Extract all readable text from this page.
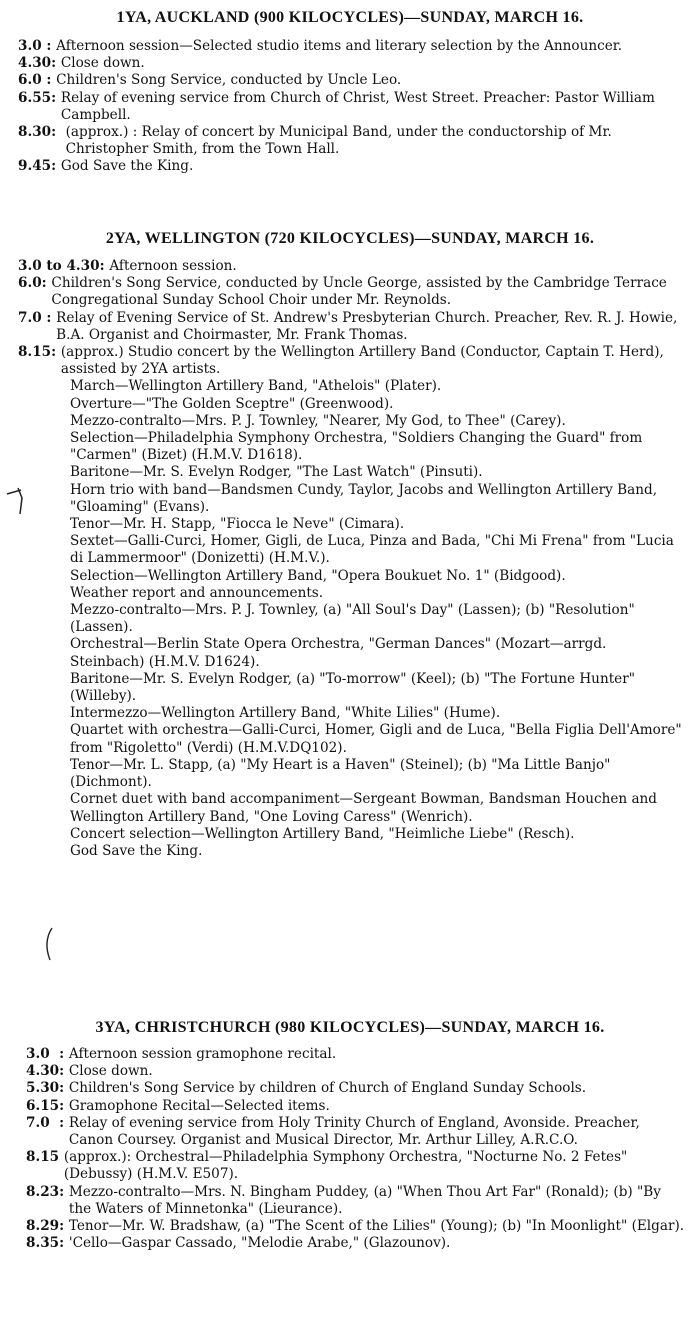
1YA, AUCKLAND (900 KILOCYCLES)—SUNDAY, MARCH 16.
3.0 : Afternoon session—Selected studio items and literary selection by the Announcer.
4.30 : Close down.
6.0 : Children's Song Service, conducted by Uncle Leo.
6.55 : Relay of evening service from Church of Christ, West Street. Preacher: Pastor William Campbell.
8.30 : (approx.) : Relay of concert by Municipal Band, under the conductorship of Mr. Christopher Smith, from the Town Hall.
9.45 : God Save the King.
2YA, WELLINGTON (720 KILOCYCLES)—SUNDAY, MARCH 16.
3.0 to 4.30 : Afternoon session.
6.0 : Children's Song Service, conducted by Uncle George, assisted by the Cambridge Terrace Congregational Sunday School Choir under Mr. Reynolds.
7.0 : Relay of Evening Service of St. Andrew's Presbyterian Church. Preacher, Rev. R. J. Howie, B.A. Organist and Choirmaster, Mr. Frank Thomas.
8.15 : (approx.) Studio concert by the Wellington Artillery Band (Conductor, Captain T. Herd), assisted by 2YA artists.
March—Wellington Artillery Band, "Athelois" (Plater).
Overture—"The Golden Sceptre" (Greenwood).
Mezzo-contralto—Mrs. P. J. Townley, "Nearer, My God, to Thee" (Carey).
Selection—Philadelphia Symphony Orchestra, "Soldiers Changing the Guard" from "Carmen" (Bizet) (H.M.V. D1618).
Baritone—Mr. S. Evelyn Rodger, "The Last Watch" (Pinsuti).
Horn trio with band—Bandsmen Cundy, Taylor, Jacobs and Wellington Artillery Band, "Gloaming" (Evans).
Tenor—Mr. H. Stapp, "Fiocca le Neve" (Cimara).
Sextet—Galli-Curci, Homer, Gigli, de Luca, Pinza and Bada, "Chi Mi Frena" from "Lucia di Lammermoor" (Donizetti) (H.M.V.).
Selection—Wellington Artillery Band, "Opera Boukuet No. 1" (Bidgood).
Weather report and announcements.
Mezzo-contralto—Mrs. P. J. Townley, (a) "All Soul's Day" (Lassen); (b) "Resolution" (Lassen).
Orchestral—Berlin State Opera Orchestra, "German Dances" (Mozart—arrgd. Steinbach) (H.M.V. D1624).
Baritone—Mr. S. Evelyn Rodger, (a) "To-morrow" (Keel); (b) "The Fortune Hunter" (Willeby).
Intermezzo—Wellington Artillery Band, "White Lilies" (Hume).
Quartet with orchestra—Galli-Curci, Homer, Gigli and de Luca, "Bella Figlia Dell'Amore" from "Rigoletto" (Verdi) (H.M.V.DQ102).
Tenor—Mr. L. Stapp, (a) "My Heart is a Haven" (Steinel); (b) "Ma Little Banjo" (Dichmont).
Cornet duet with band accompaniment—Sergeant Bowman, Bandsman Houchen and Wellington Artillery Band, "One Loving Caress" (Wenrich).
Concert selection—Wellington Artillery Band, "Heimliche Liebe" (Resch).
God Save the King.
3YA, CHRISTCHURCH (980 KILOCYCLES)—SUNDAY, MARCH 16.
3.0 : Afternoon session gramophone recital.
4.30 : Close down.
5.30 : Children's Song Service by children of Church of England Sunday Schools.
6.15 : Gramophone Recital—Selected items.
7.0 : Relay of evening service from Holy Trinity Church of England, Avonside. Preacher, Canon Coursey. Organist and Musical Director, Mr. Arthur Lilley, A.R.C.O.
8.15
(approx.): Orchestral—Philadelphia Symphony Orchestra, "Nocturne No. 2 Fetes" (Debussy) (H.M.V. E507).
8.23 : Mezzo-contralto—Mrs. N. Bingham Puddey, (a) "When Thou Art Far" (Ronald); (b) "By the Waters of Minnetonka" (Lieurance).
8.29 : Tenor—Mr. W. Bradshaw, (a) "The Scent of the Lilies" (Young); (b) "In Moonlight" (Elgar).
8.35 : 'Cello—Gaspar Cassado, "Melodie Arabe," (Glazounov).
